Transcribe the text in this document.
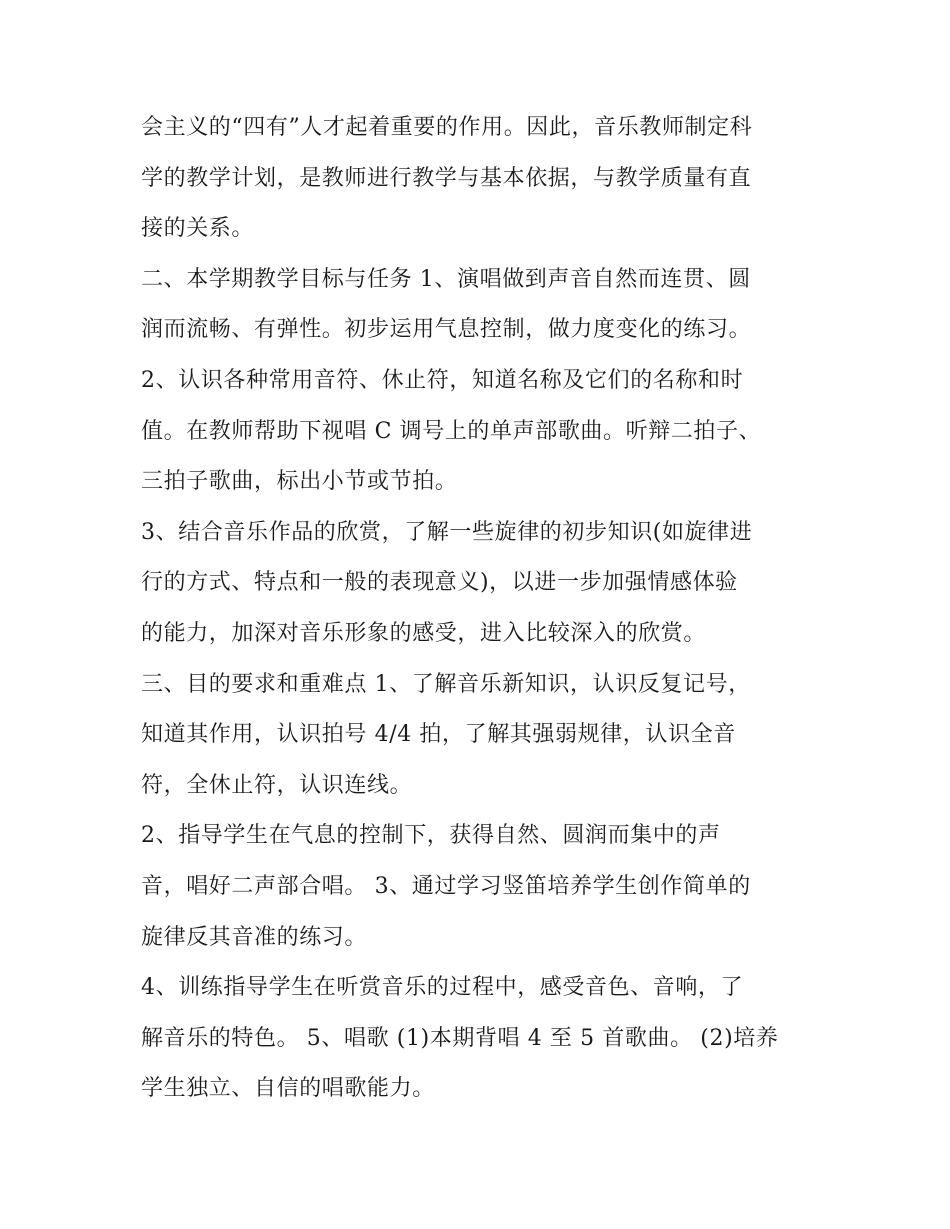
会主义的“四有”人才起着重要的作用。因此，音乐教师制定科
学的教学计划，是教师进行教学与基本依据，与教学质量有直
接的关系。
二、本学期教学目标与任务 1、演唱做到声音自然而连贯、圆
润而流畅、有弹性。初步运用气息控制，做力度变化的练习。
2、认识各种常用音符、休止符，知道名称及它们的名称和时
值。在教师帮助下视唱 C 调号上的单声部歌曲。听辩二拍子、
三拍子歌曲，标出小节或节拍。
3、结合音乐作品的欣赏，了解一些旋律的初步知识(如旋律进
行的方式、特点和一般的表现意义)，以进一步加强情感体验
的能力，加深对音乐形象的感受，进入比较深入的欣赏。
三、目的要求和重难点 1、了解音乐新知识，认识反复记号，
知道其作用，认识拍号 4/4 拍，了解其强弱规律，认识全音
符，全休止符，认识连线。
2、指导学生在气息的控制下，获得自然、圆润而集中的声
音，唱好二声部合唱。 3、通过学习竖笛培养学生创作简单的
旋律反其音准的练习。
4、训练指导学生在听赏音乐的过程中，感受音色、音响，了
解音乐的特色。 5、唱歌 (1)本期背唱 4 至 5 首歌曲。 (2)培养
学生独立、自信的唱歌能力。
